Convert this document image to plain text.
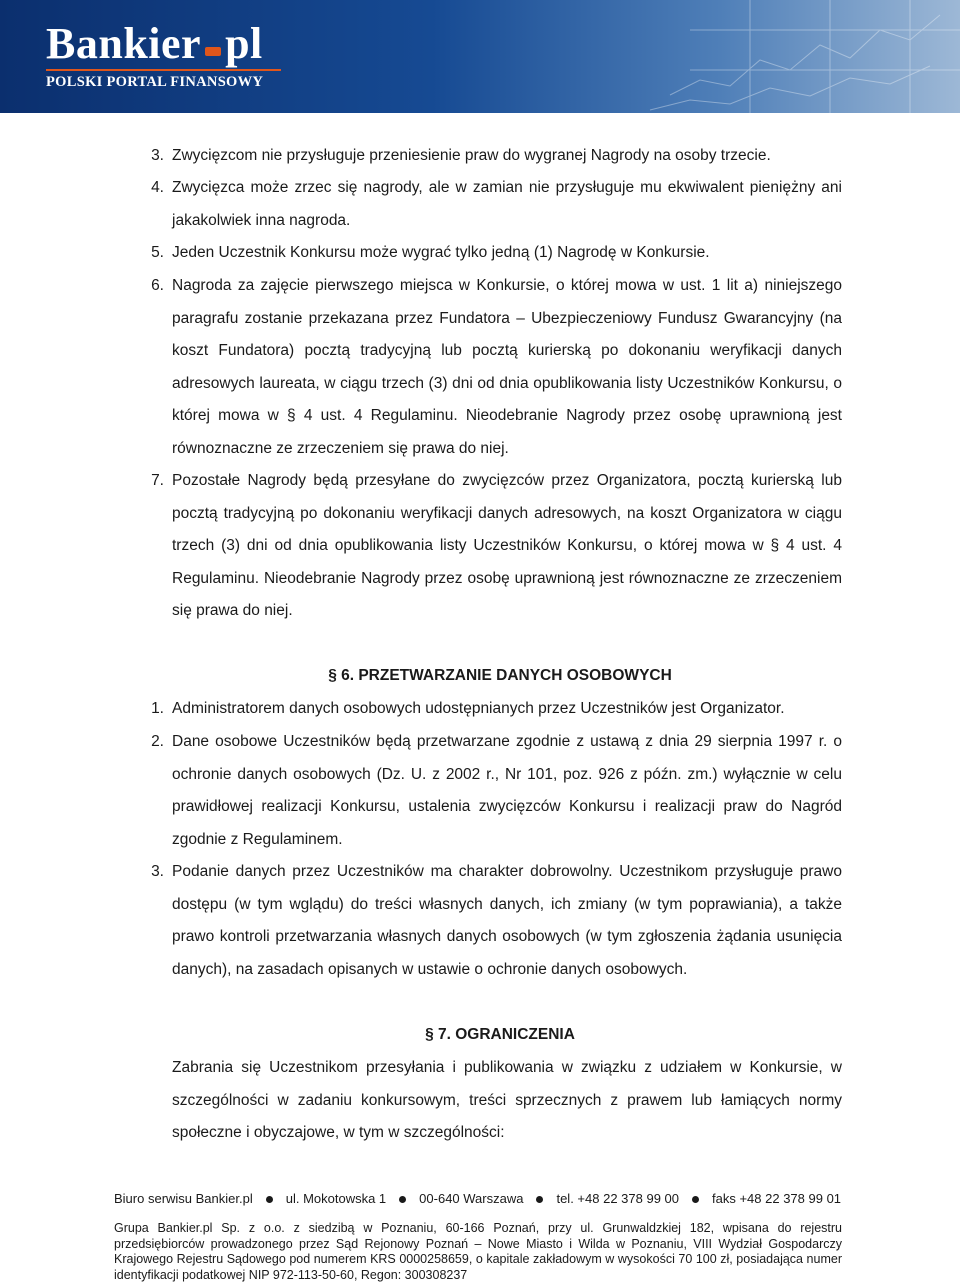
Bankier pl
POLSKI PORTAL FINANSOWY
3. Zwycięzcom nie przysługuje przeniesienie praw do wygranej Nagrody na osoby trzecie.
4. Zwycięzca może zrzec się nagrody, ale w zamian nie przysługuje mu ekwiwalent pieniężny ani jakakolwiek inna nagroda.
5. Jeden Uczestnik Konkursu może wygrać tylko jedną (1) Nagrodę w Konkursie.
6. Nagroda za zajęcie pierwszego miejsca w Konkursie, o której mowa w ust. 1 lit a) niniejszego paragrafu zostanie przekazana przez Fundatora – Ubezpieczeniowy Fundusz Gwarancyjny (na koszt Fundatora) pocztą tradycyjną lub pocztą kurierską po dokonaniu weryfikacji danych adresowych laureata, w ciągu trzech (3) dni od dnia opublikowania listy Uczestników Konkursu, o której mowa w § 4 ust. 4 Regulaminu. Nieodebranie Nagrody przez osobę uprawnioną jest równoznaczne ze zrzeczeniem się prawa do niej.
7. Pozostałe Nagrody będą przesyłane do zwycięzców przez Organizatora, pocztą kurierską lub pocztą tradycyjną po dokonaniu weryfikacji danych adresowych, na koszt Organizatora w ciągu trzech (3) dni od dnia opublikowania listy Uczestników Konkursu, o której mowa w § 4 ust. 4 Regulaminu. Nieodebranie Nagrody przez osobę uprawnioną jest równoznaczne ze zrzeczeniem się prawa do niej.
§ 6. PRZETWARZANIE DANYCH OSOBOWYCH
1. Administratorem danych osobowych udostępnianych przez Uczestników jest Organizator.
2. Dane osobowe Uczestników będą przetwarzane zgodnie z ustawą z dnia 29 sierpnia 1997 r. o ochronie danych osobowych (Dz. U. z 2002 r., Nr 101, poz. 926 z późn. zm.) wyłącznie w celu prawidłowej realizacji Konkursu, ustalenia zwycięzców Konkursu i realizacji praw do Nagród zgodnie z Regulaminem.
3. Podanie danych przez Uczestników ma charakter dobrowolny. Uczestnikom przysługuje prawo dostępu (w tym wglądu) do treści własnych danych, ich zmiany (w tym poprawiania), a także prawo kontroli przetwarzania własnych danych osobowych (w tym zgłoszenia żądania usunięcia danych), na zasadach opisanych w ustawie o ochronie danych osobowych.
§ 7. OGRANICZENIA
Zabrania się Uczestnikom przesyłania i publikowania w związku z udziałem w Konkursie, w szczególności w zadaniu konkursowym, treści sprzecznych z prawem lub łamiących normy społeczne i obyczajowe, w tym w szczególności:
Biuro serwisu Bankier.pl	ul. Mokotowska 1	00-640 Warszawa	tel. +48 22 378 99 00	faks +48 22 378 99 01
Grupa Bankier.pl Sp. z o.o. z siedzibą w Poznaniu, 60-166 Poznań, przy ul. Grunwaldzkiej 182, wpisana do rejestru przedsiębiorców prowadzonego przez Sąd Rejonowy Poznań – Nowe Miasto i Wilda w Poznaniu, VIII Wydział Gospodarczy Krajowego Rejestru Sądowego pod numerem KRS 0000258659, o kapitale zakładowym w wysokości 70 100 zł, posiadająca numer identyfikacji podatkowej NIP 972-113-50-60, Regon: 300308237
